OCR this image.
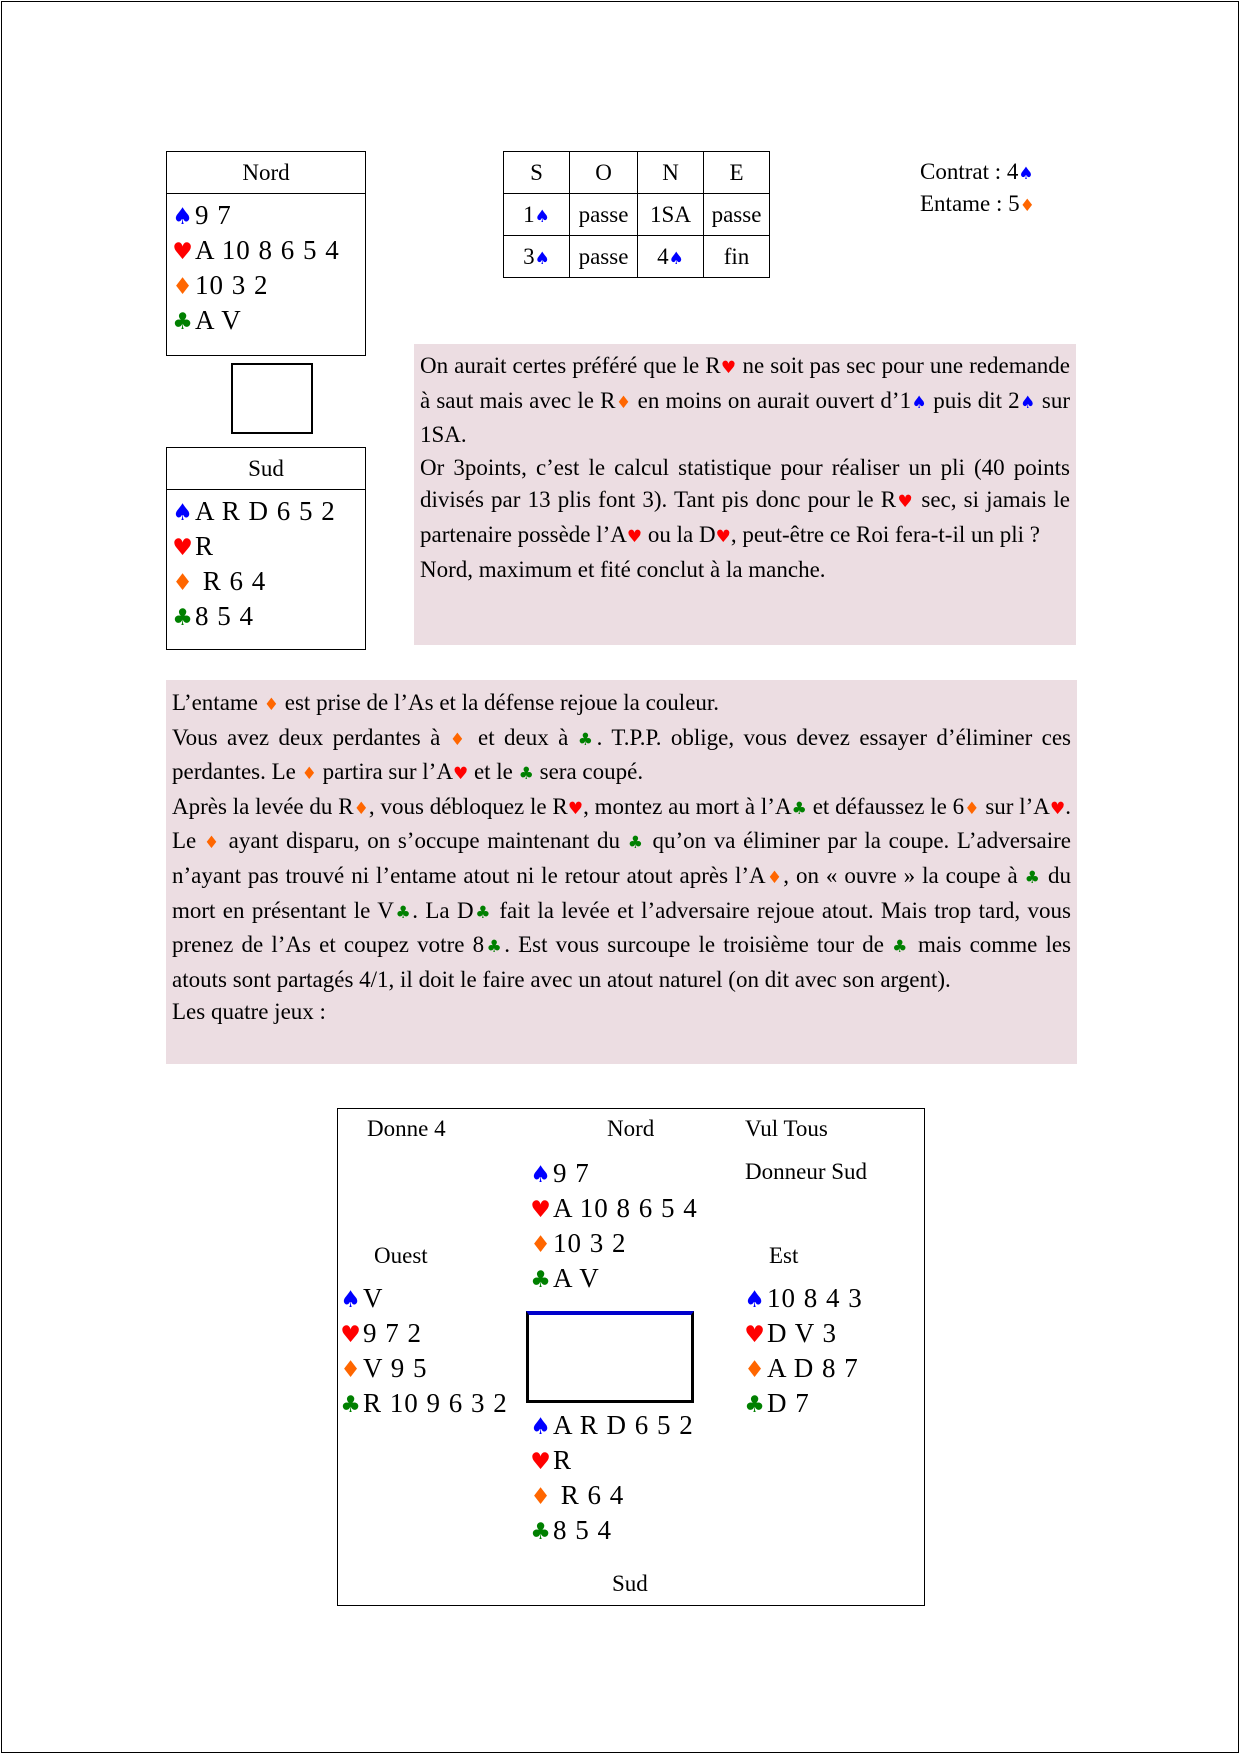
Nord
♠9 7
♥A 10 8 6 5 4
♦10 3 2
♣A V
Sud
♠A R D 6 5 2
♥R
♦ R 6 4
♣8 5 4
S	O	N	E
1♠	passe	1SA	passe
3♠	passe	4♠	fin
Contrat : 4♠
Entame : 5♦

On aurait certes préféré que le R♥ ne soit pas sec pour une redemande à saut mais avec le R♦ en moins on aurait ouvert d’1♠ puis dit 2♠ sur 1SA.

Or 3points, c’est le calcul statistique pour réaliser un pli (40 points divisés par 13 plis font 3). Tant pis donc pour le R♥ sec, si jamais le partenaire possède l’A♥ ou la D♥, peut-être ce Roi fera-t-il un pli ?

Nord, maximum et fité conclut à la manche.

L’entame ♦ est prise de l’As et la défense rejoue la couleur.

Vous avez deux perdantes à ♦ et deux à ♣. T.P.P. oblige, vous devez essayer d’éliminer ces perdantes. Le ♦ partira sur l’A♥ et le ♣ sera coupé.

Après la levée du R♦, vous débloquez le R♥, montez au mort à l’A♣ et défaussez le 6♦ sur l’A♥. Le ♦ ayant disparu, on s’occupe maintenant du ♣ qu’on va éliminer par la coupe. L’adversaire n’ayant pas trouvé ni l’entame atout ni le retour atout après l’A♦, on « ouvre » la coupe à ♣ du mort en présentant le V♣. La D♣ fait la levée et l’adversaire rejoue atout. Mais trop tard, vous prenez de l’As et coupez votre 8♣. Est vous surcoupe le troisième tour de ♣ mais comme les atouts sont partagés 4/1, il doit le faire avec un atout naturel (on dit avec son argent).

Les quatre jeux :

Donne 4	Nord	Vul Tous
Donneur Sud
Ouest	Est
Sud
♠9 7
♥A 10 8 6 5 4
♦10 3 2
♣A V
♠V
♥9 7 2
♦V 9 5
♣R 10 9 6 3 2
♠10 8 4 3
♥D V 3
♦A D 8 7
♣D 7
♠A R D 6 5 2
♥R
♦ R 6 4
♣8 5 4
